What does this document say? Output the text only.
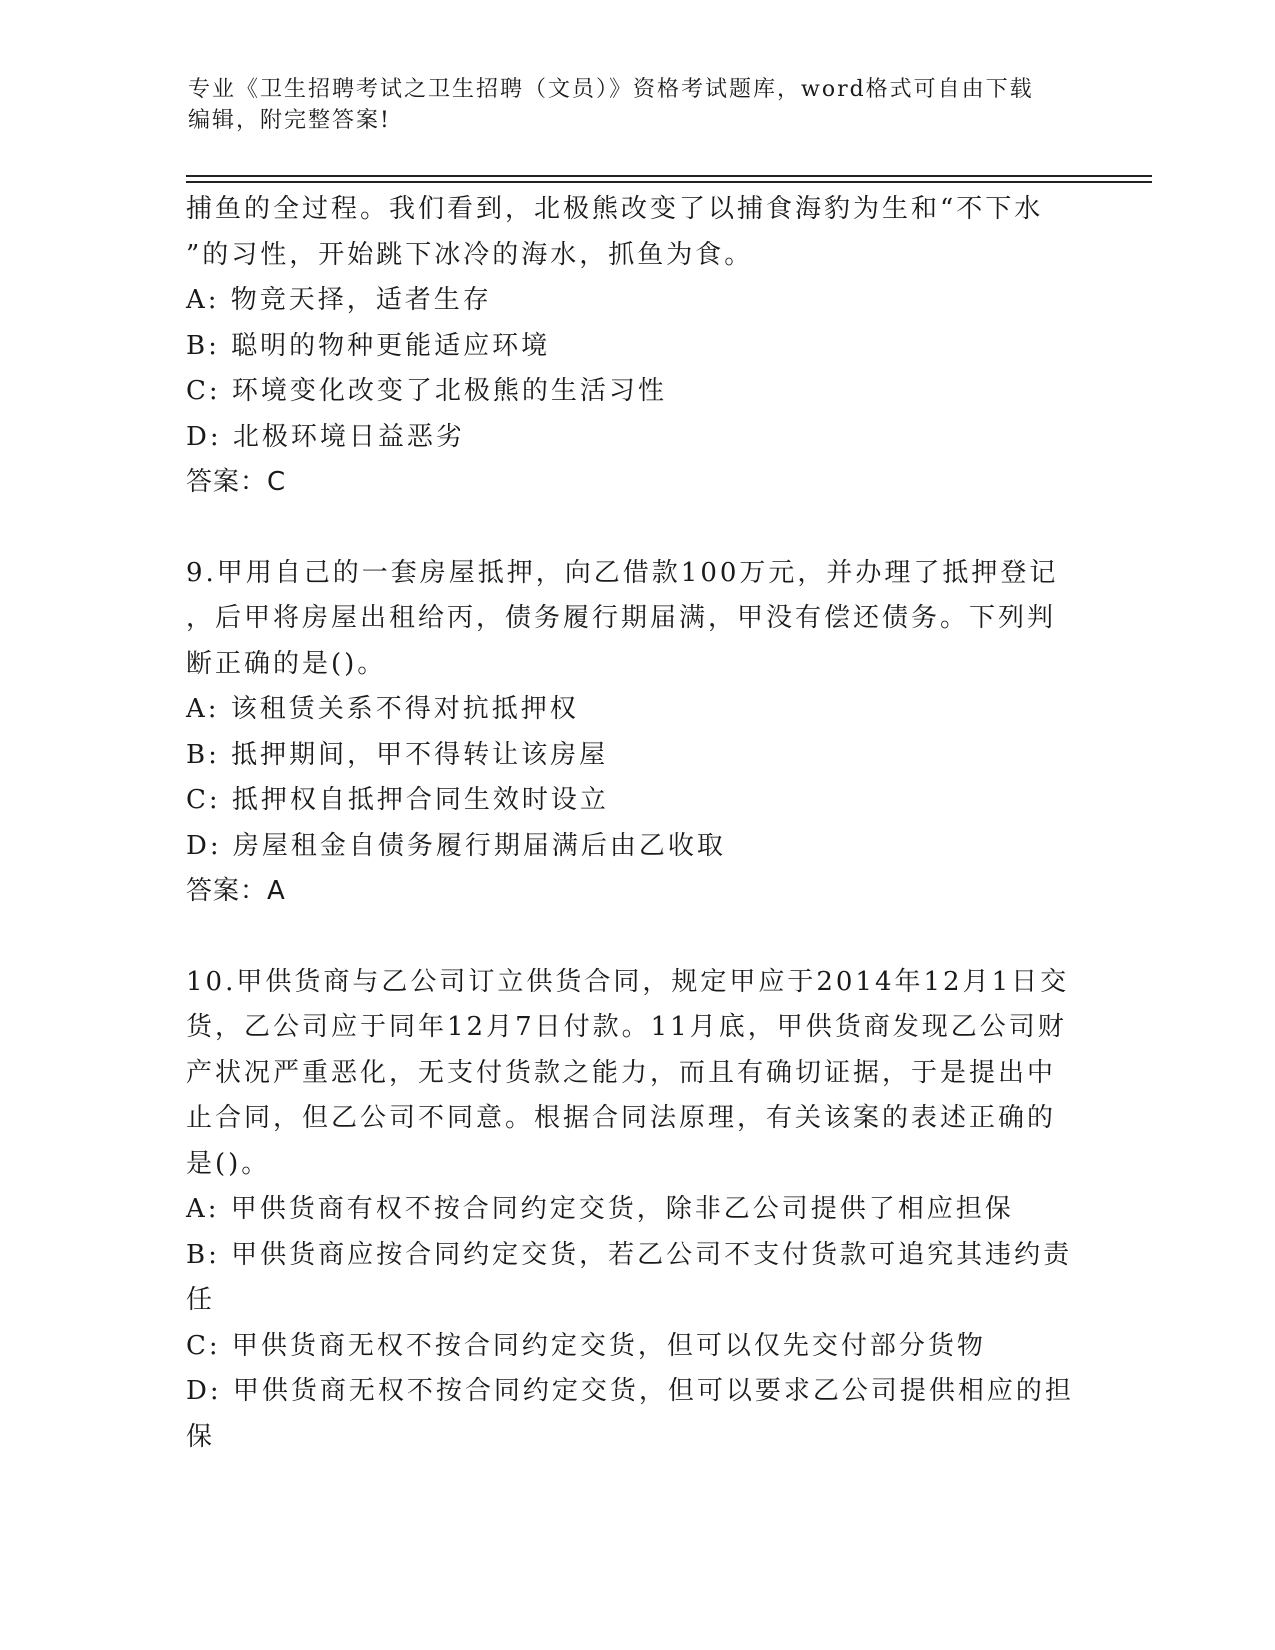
专业《卫生招聘考试之卫生招聘（文员）》资格考试题库，word格式可自由下载
编辑，附完整答案!
捕鱼的全过程。我们看到，北极熊改变了以捕食海豹为生和“不下水
”的习性，开始跳下冰冷的海水，抓鱼为食。
A: 物竞天择，适者生存
B: 聪明的物种更能适应环境
C: 环境变化改变了北极熊的生活习性
D: 北极环境日益恶劣
答案：C
9.甲用自己的一套房屋抵押，向乙借款100万元，并办理了抵押登记
，后甲将房屋出租给丙，债务履行期届满，甲没有偿还债务。下列判
断正确的是()。
A: 该租赁关系不得对抗抵押权
B: 抵押期间，甲不得转让该房屋
C: 抵押权自抵押合同生效时设立
D: 房屋租金自债务履行期届满后由乙收取
答案：A
10.甲供货商与乙公司订立供货合同，规定甲应于2014年12月1日交
货，乙公司应于同年12月7日付款。11月底，甲供货商发现乙公司财
产状况严重恶化，无支付货款之能力，而且有确切证据，于是提出中
止合同，但乙公司不同意。根据合同法原理，有关该案的表述正确的
是()。
A: 甲供货商有权不按合同约定交货，除非乙公司提供了相应担保
B: 甲供货商应按合同约定交货，若乙公司不支付货款可追究其违约责
任
C: 甲供货商无权不按合同约定交货，但可以仅先交付部分货物
D: 甲供货商无权不按合同约定交货，但可以要求乙公司提供相应的担
保
